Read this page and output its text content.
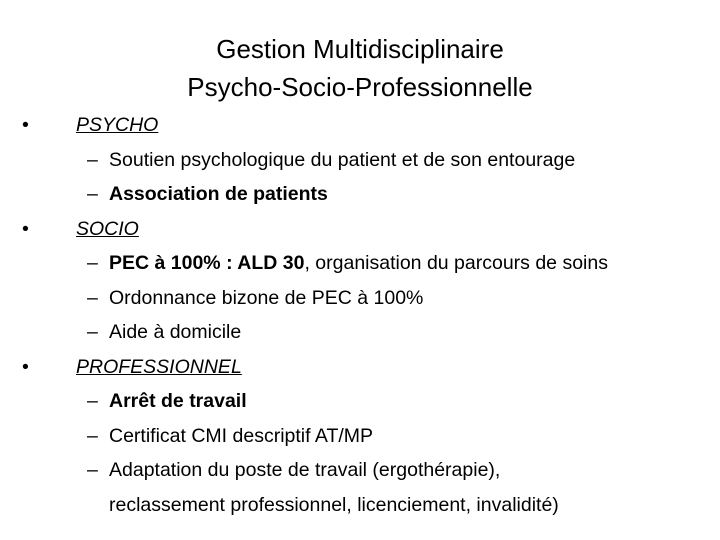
Gestion Multidisciplinaire
Psycho-Socio-Professionnelle
• PSYCHO
– Soutien psychologique du patient et de son entourage
– Association de patients
• SOCIO
– PEC à 100% : ALD 30, organisation du parcours de soins
– Ordonnance bizone de PEC à 100%
– Aide à domicile
• PROFESSIONNEL
– Arrêt de travail
– Certificat CMI descriptif AT/MP
– Adaptation du poste de travail (ergothérapie),
reclassement professionnel, licenciement, invalidité)
